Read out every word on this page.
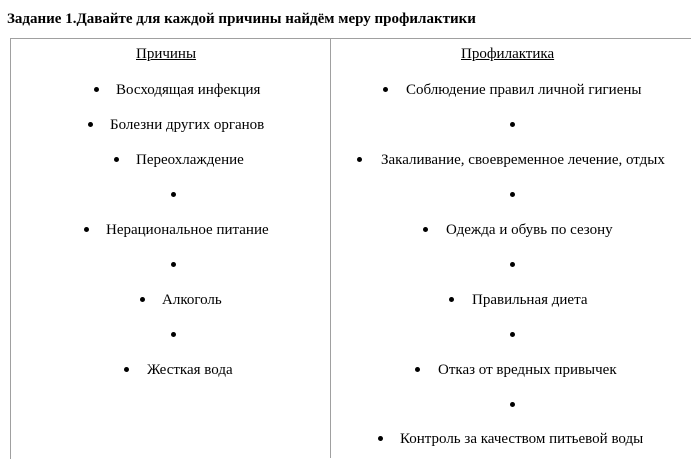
Задание 1.Давайте для каждой причины найдём меру профилактики
Причины	Профилактика
Восходящая инфекция
Болезни других органов
Переохлаждение
Нерациональное питание
Алкоголь
Жесткая вода
Соблюдение правил личной гигиены
Закаливание, своевременное лечение, отдых
Одежда и обувь по сезону
Правильная диета
Отказ от вредных привычек
Контроль за качеством питьевой воды
